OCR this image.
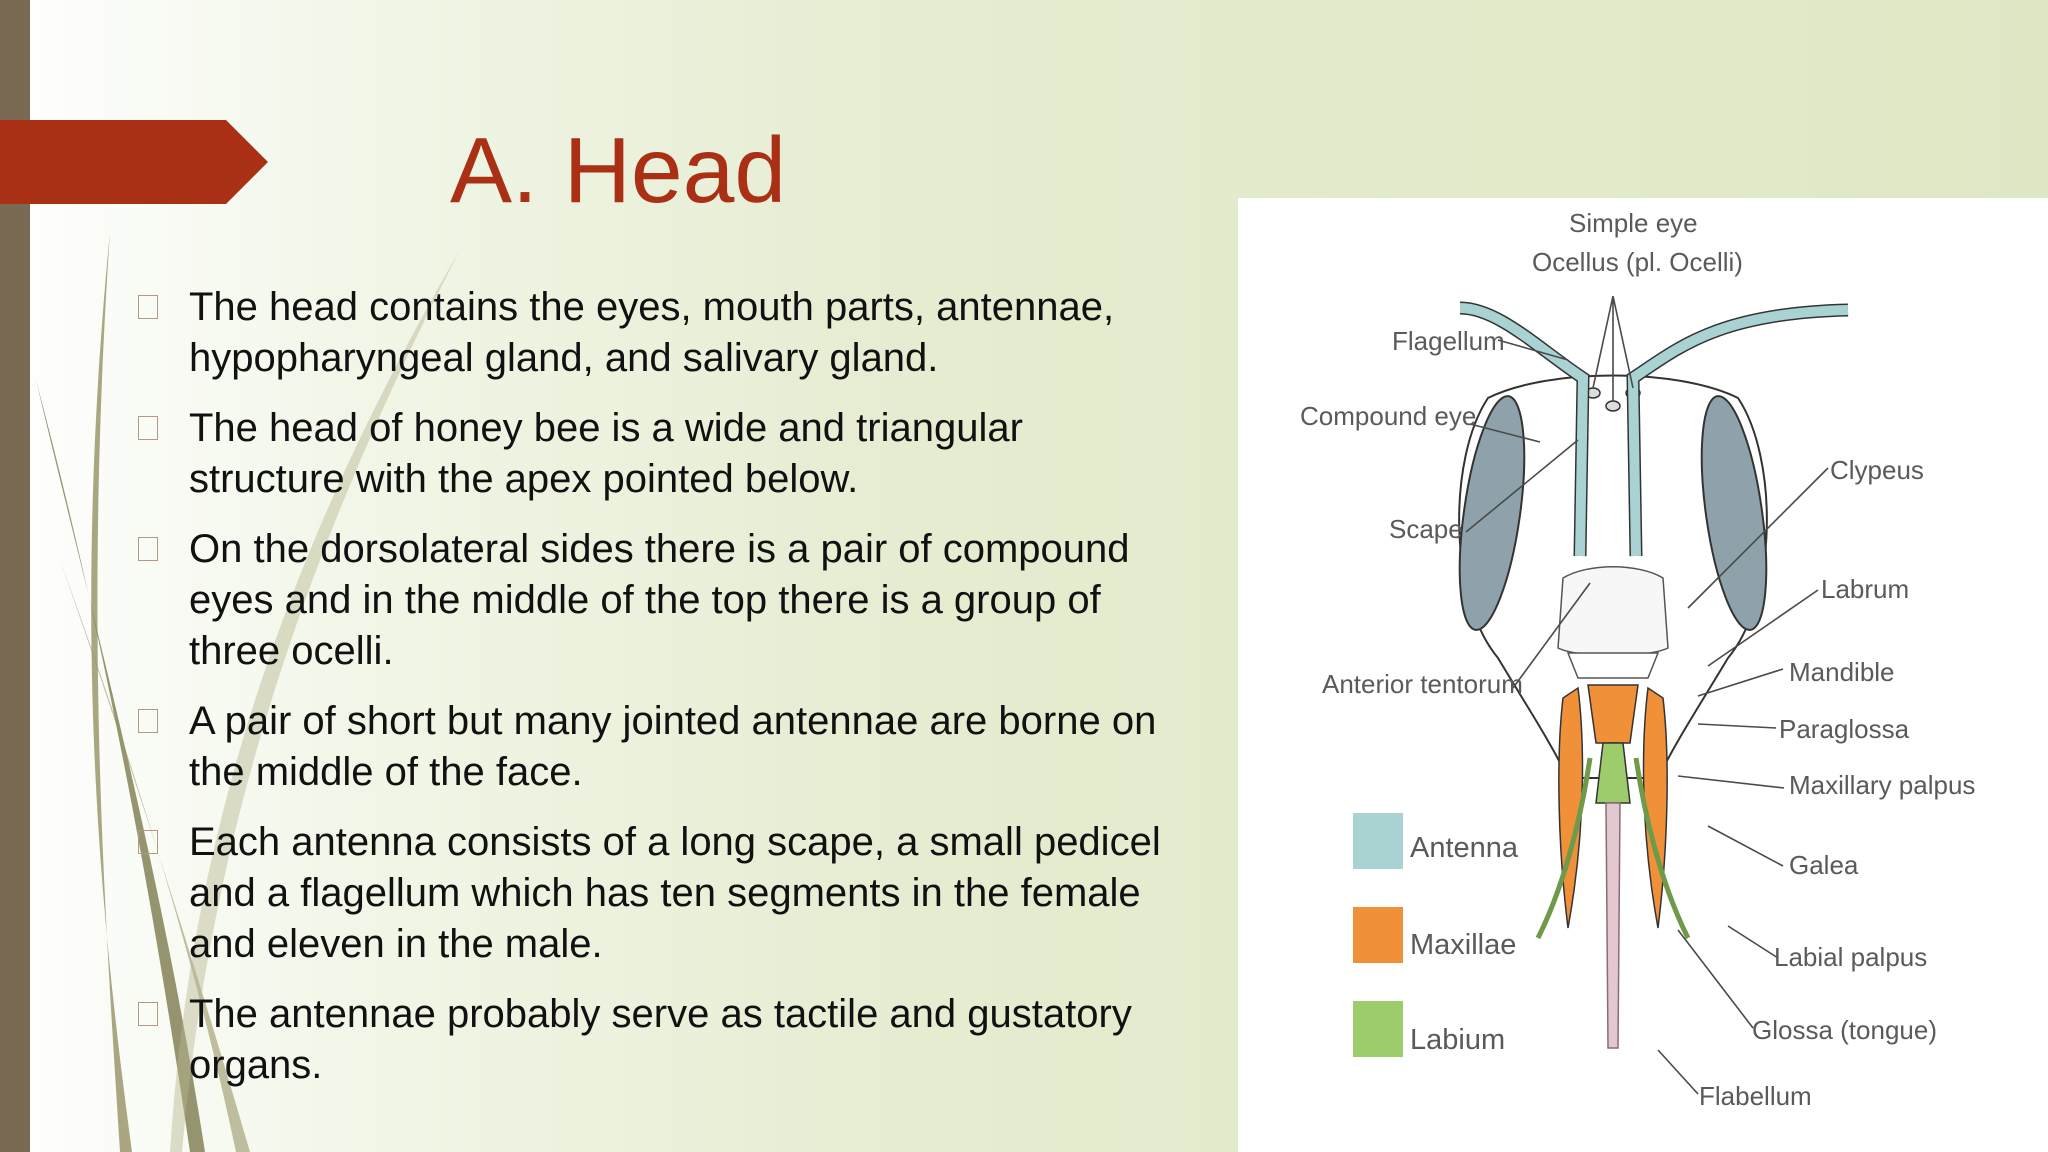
A. Head
The head contains the eyes, mouth parts, antennae, hypopharyngeal gland, and salivary gland.
The head of honey bee is a wide and triangular structure with the apex pointed below.
On the dorsolateral sides there is a pair of compound eyes and in the middle of the top there is a group of three ocelli.
A pair of short but many jointed antennae are borne on the middle of the face.
Each antenna consists of a long scape, a small pedicel and a flagellum which has ten segments in the female and eleven in the male.
The antennae probably serve as tactile and gustatory organs.
Simple eye
Ocellus (pl. Ocelli)
Flagellum
Compound eye
Scape
Anterior tentorum
Clypeus
Labrum
Mandible
Paraglossa
Maxillary palpus
Galea
Labial palpus
Glossa (tongue)
Flabellum
Antenna
Maxillae
Labium
